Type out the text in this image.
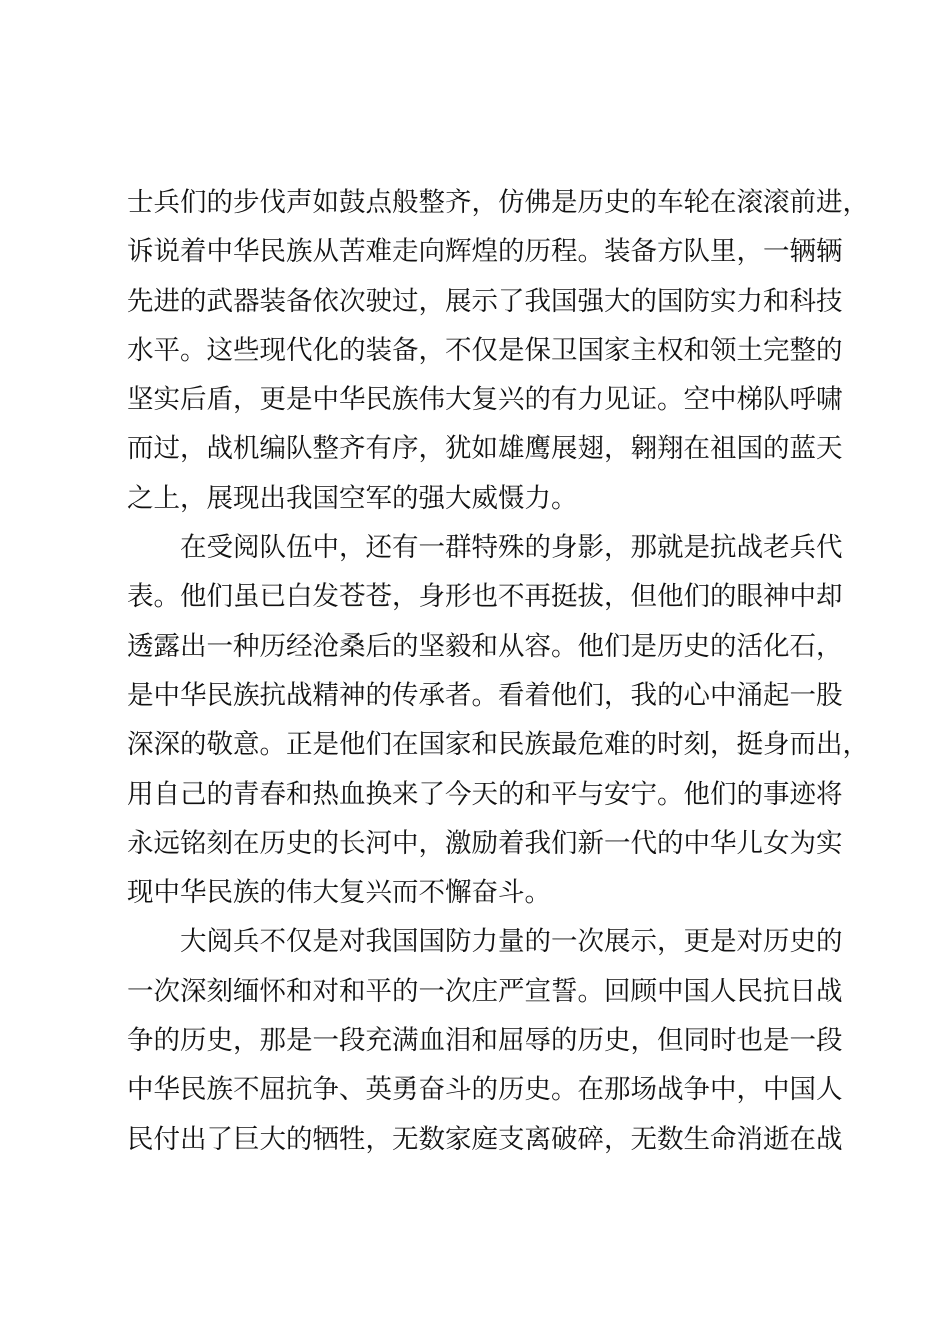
士兵们的步伐声如鼓点般整齐，仿佛是历史的车轮在滚滚前进，
诉说着中华民族从苦难走向辉煌的历程。装备方队里，一辆辆
先进的武器装备依次驶过，展示了我国强大的国防实力和科技
水平。这些现代化的装备，不仅是保卫国家主权和领土完整的
坚实后盾，更是中华民族伟大复兴的有力见证。空中梯队呼啸
而过，战机编队整齐有序，犹如雄鹰展翅，翱翔在祖国的蓝天
之上，展现出我国空军的强大威慑力。
在受阅队伍中，还有一群特殊的身影，那就是抗战老兵代
表。他们虽已白发苍苍，身形也不再挺拔，但他们的眼神中却
透露出一种历经沧桑后的坚毅和从容。他们是历史的活化石，
是中华民族抗战精神的传承者。看着他们，我的心中涌起一股
深深的敬意。正是他们在国家和民族最危难的时刻，挺身而出，
用自己的青春和热血换来了今天的和平与安宁。他们的事迹将
永远铭刻在历史的长河中，激励着我们新一代的中华儿女为实
现中华民族的伟大复兴而不懈奋斗。
大阅兵不仅是对我国国防力量的一次展示，更是对历史的
一次深刻缅怀和对和平的一次庄严宣誓。回顾中国人民抗日战
争的历史，那是一段充满血泪和屈辱的历史，但同时也是一段
中华民族不屈抗争、英勇奋斗的历史。在那场战争中，中国人
民付出了巨大的牺牲，无数家庭支离破碎，无数生命消逝在战
